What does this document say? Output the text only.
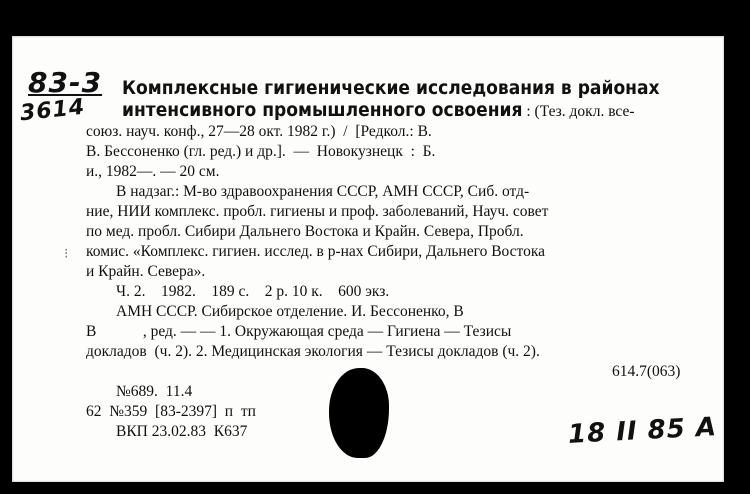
83-3
3614
Комплексные гигиенические исследования в районах
интенсивного промышленного освоения : (Тез. докл. все-
союз. науч. конф., 27—28 окт. 1982 г.)  /  [Редкол.: В.
В. Бессоненко (гл. ред.) и др.].  —  Новокузнецк  :  Б.
и., 1982—. — 20 см.
В надзаг.: М-во здравоохранения СССР, АМН СССР, Сиб. отд-
ние, НИИ комплекс. пробл. гигиены и проф. заболеваний, Науч. совет
по мед. пробл. Сибири Дальнего Востока и Крайн. Севера, Пробл.
комис. «Комплекс. гигиен. исслед. в р-нах Сибири, Дальнего Востока
и Крайн. Севера».
Ч. 2.    1982.    189 с.    2 р. 10 к.    600 экз.
АМН СССР. Сибирское отделение. И. Бессоненко, В
В            , ред. — — 1. Окружающая среда — Гигиена — Тезисы
докладов  (ч. 2). 2. Медицинская экология — Тезисы докладов (ч. 2).
614.7(063)
№689.  11.4
62  №359  [83-2397]  п  тп
ВКП 23.02.83  К637
⁝
18 II 85 А
